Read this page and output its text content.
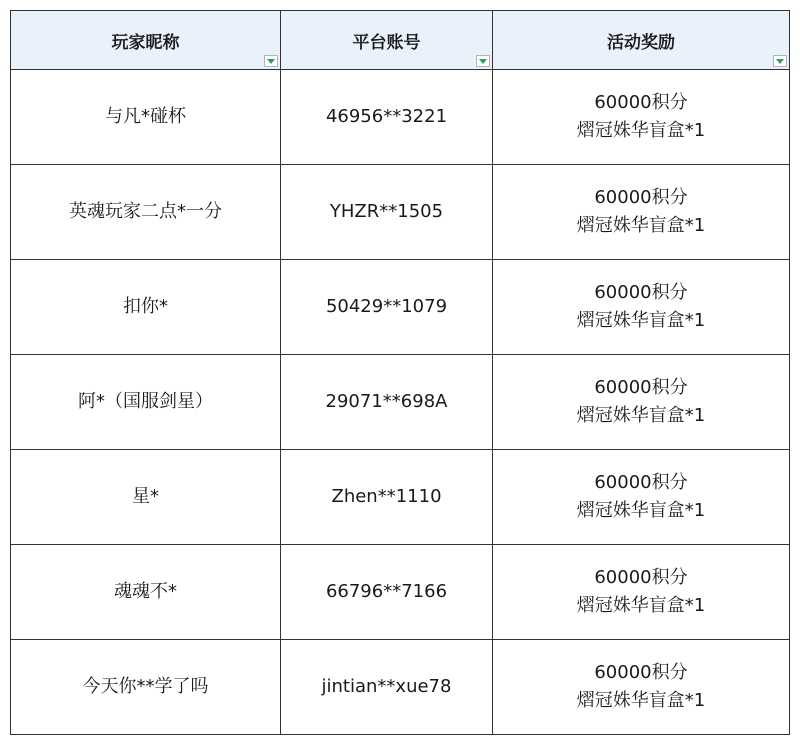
玩家昵称	平台账号	活动奖励

与凡*碰杯	46956**3221	60000积分
熠冠姝华盲盒*1

英魂玩家二点*一分	YHZR**1505	60000积分
熠冠姝华盲盒*1

扣你*	50429**1079	60000积分
熠冠姝华盲盒*1

阿*（国服剑星）	29071**698A	60000积分
熠冠姝华盲盒*1

星*	Zhen**1110	60000积分
熠冠姝华盲盒*1

魂魂不*	66796**7166	60000积分
熠冠姝华盲盒*1

今天你**学了吗	jintian**xue78	60000积分
熠冠姝华盲盒*1
